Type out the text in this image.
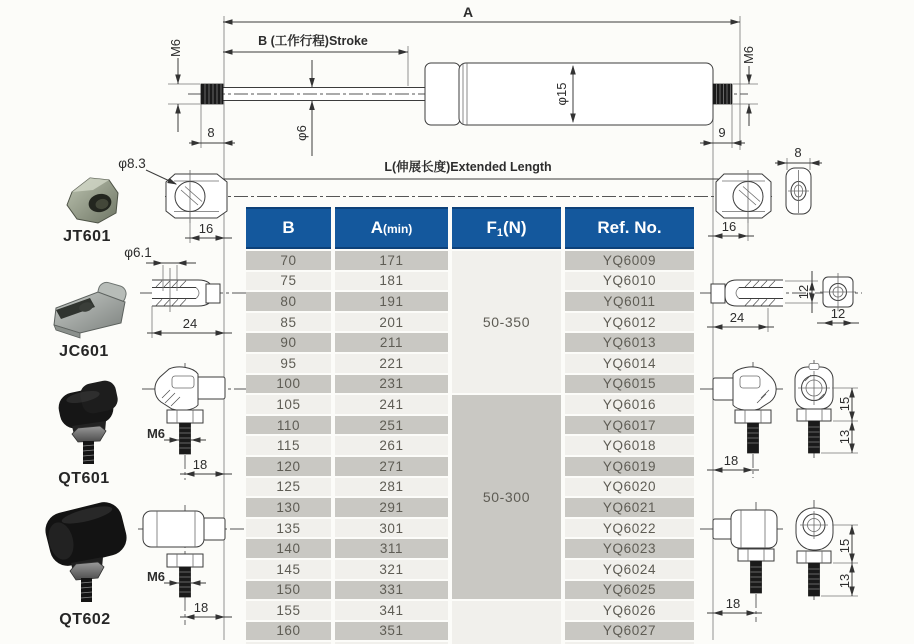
A
B (工作行程)Stroke
M6
8	φ6
φ15
M6
9
L(伸展长度)Extended Length
φ8.3
16	16
8
φ6.1
24
12
12
24
M6
18
M6
18
18
15
13
18
15
13
JT601
JC601
QT601
QT602
B	A(min)	F1(N)	Ref. No.
70	171	50-350	YQ6009
75	181		YQ6010
80	191		YQ6011
85	201		YQ6012
90	211		YQ6013
95	221		YQ6014
100	231		YQ6015
105	241	50-300	YQ6016
110	251		YQ6017
115	261		YQ6018
120	271		YQ6019
125	281		YQ6020
130	291		YQ6021
135	301		YQ6022
140	311		YQ6023
145	321		YQ6024
150	331		YQ6025
155	341		YQ6026
160	351		YQ6027
